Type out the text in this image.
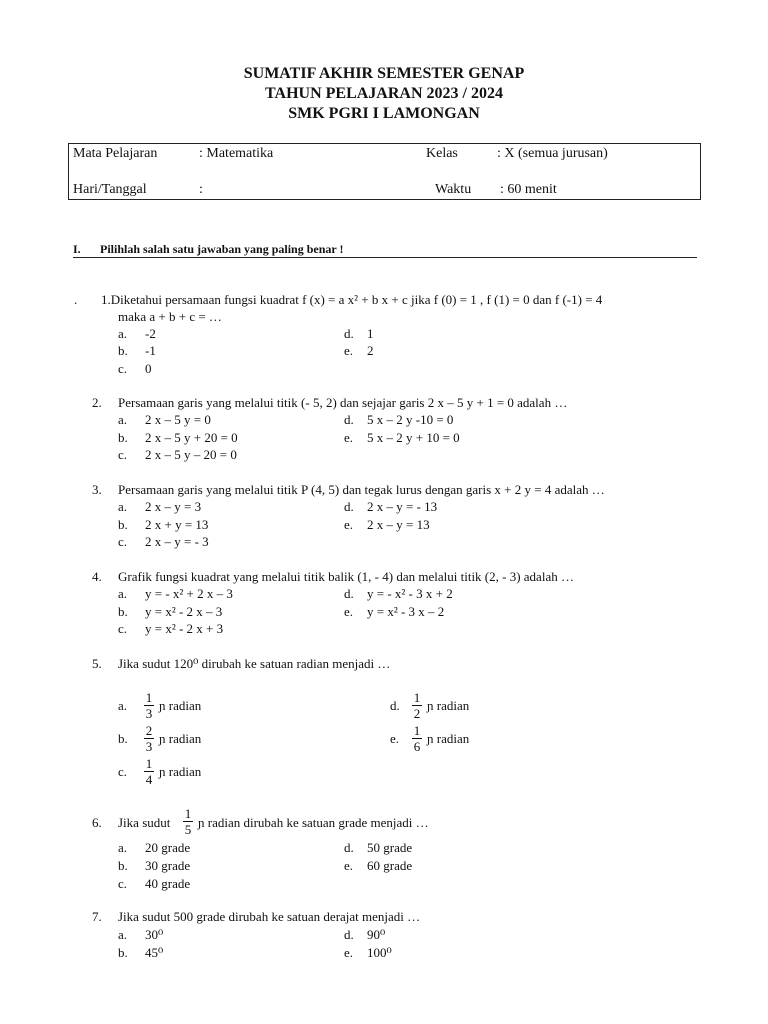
SUMATIF AKHIR SEMESTER GENAP
TAHUN PELAJARAN 2023 / 2024
SMK PGRI I LAMONGAN
Mata Pelajaran	: Matematika	Kelas	: X (semua jurusan)
Hari/Tanggal	:	Waktu : 60 menit
I. Pilihlah salah satu jawaban yang paling benar !
. 1.Diketahui persamaan fungsi kuadrat f (x) = a x² + b x + c jika f (0) = 1 , f (1) = 0 dan f (-1) = 4
maka a + b + c = …
a. -2
b. -1
c. 0
d. 1
e. 2
2. Persamaan garis yang melalui titik (- 5, 2) dan sejajar garis 2 x – 5 y + 1 = 0 adalah …
a. 2 x – 5 y = 0
b. 2 x – 5 y + 20 = 0
c. 2 x – 5 y – 20 = 0
d. 5 x – 2 y -10 = 0
e. 5 x – 2 y + 10 = 0
3. Persamaan garis yang melalui titik P (4, 5) dan tegak lurus dengan garis x + 2 y = 4 adalah …
a. 2 x – y = 3
b. 2 x + y = 13
c. 2 x – y = - 3
d. 2 x – y = - 13
e. 2 x – y = 13
4. Grafik fungsi kuadrat yang melalui titik balik (1, - 4) dan melalui titik (2, - 3) adalah …
a. y = - x² + 2 x – 3
b. y = x² - 2 x – 3
c. y = x² - 2 x + 3
d. y = - x² - 3 x + 2
e. y = x² - 3 x – 2
5. Jika sudut 120⁰ dirubah ke satuan radian menjadi …
a. $\frac{1}{3}$ ɲ radian
b. $\frac{2}{3}$ ɲ radian
c. $\frac{1}{4}$ ɲ radian
d. $\frac{1}{2}$ ɲ radian
e. $\frac{1}{6}$ ɲ radian
6. Jika sudut $\frac{1}{5}$ ɲ radian dirubah ke satuan grade menjadi …
a. 20 grade
b. 30 grade
c. 40 grade
d. 50 grade
e. 60 grade
7. Jika sudut 500 grade dirubah ke satuan derajat menjadi …
a. 30⁰
b. 45⁰
d. 90⁰
e. 100⁰
